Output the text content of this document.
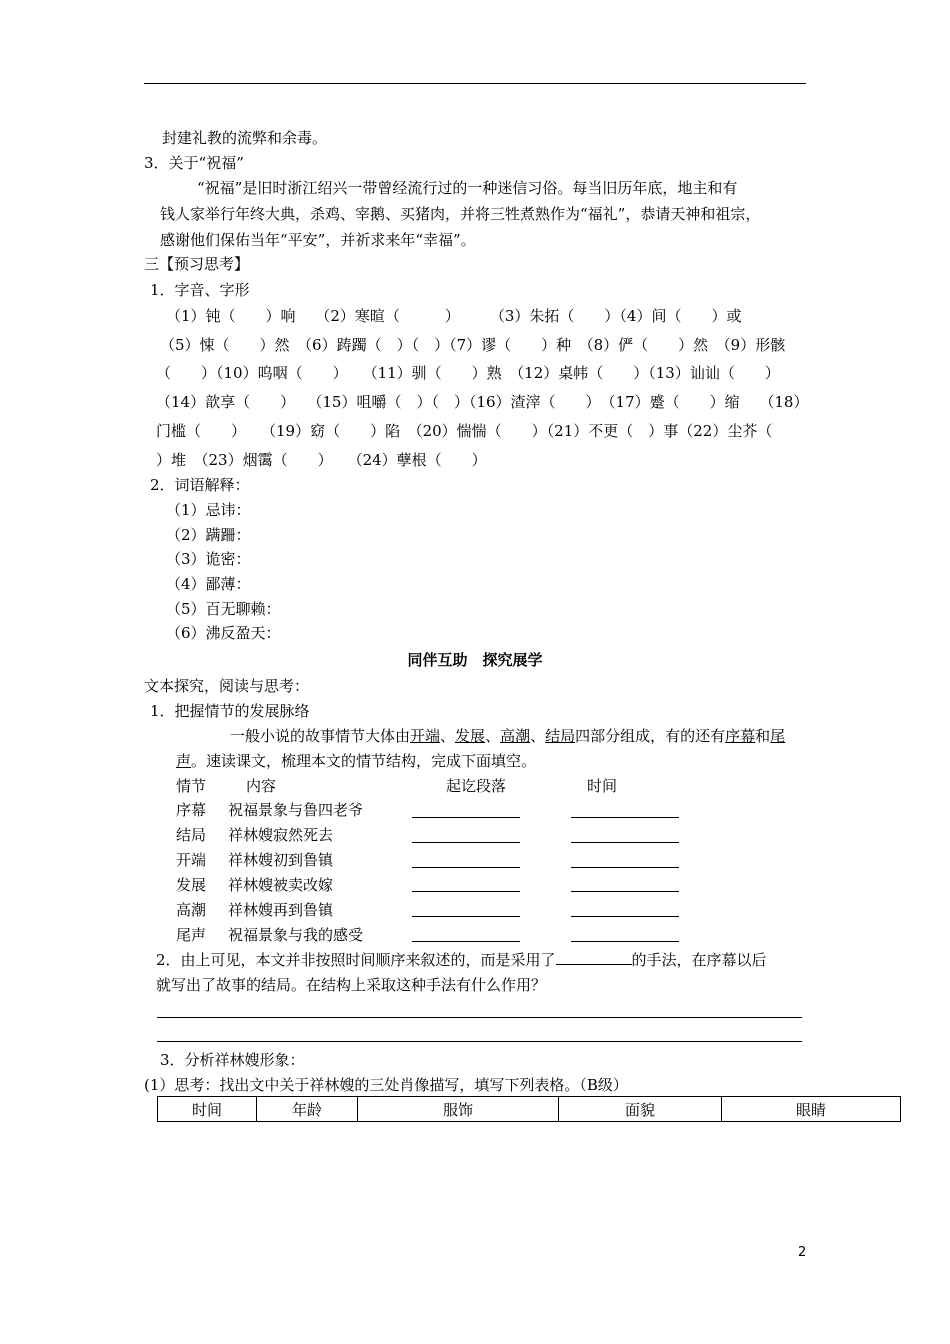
封建礼教的流弊和余毒。
3．关于“祝福”
“祝福”是旧时浙江绍兴一带曾经流行过的一种迷信习俗。每当旧历年底，地主和有
钱人家举行年终大典，杀鸡、宰鹅、买猪肉，并将三牲煮熟作为“福礼”，恭请天神和祖宗，
感谢他们保佑当年“平安”，并祈求来年“幸福”。
三【预习思考】
1．字音、字形
（1）钝（　　）响　 （2）寒暄（　　　）　　　（3）朱拓（　　）（4）间（　　）或
（5）悚（　　）然　（6）踌躅（　）（　）（7）谬（　　）种　（8）俨（　　）然　（9）形骸
（　　）（10）呜咽（　　）　　（11）驯（　　）熟　（12）桌帏（　　）（13）讪讪（　　）
（14）歆享（　　）　 （15）咀嚼（　）（　）（16）渣滓（　　）　（17）蹙（　　）缩　 （18）
门槛（　　）　　（19）窈（　　）陷　（20）惴惴（　　）（21）不更（　）事（22）尘芥（
）堆　（23）烟霭（　　）　　（24）孽根（　　）
2．词语解释：
（1）忌讳：
（2）蹒跚：
（3）诡密：
（4）鄙薄：
（5）百无聊赖：
（6）沸反盈天：
同伴互助　探究展学
文本探究，阅读与思考：
1．把握情节的发展脉络
一般小说的故事情节大体由开端、发展、高潮、结局四部分组成，有的还有序幕和尾
声。速读课文，梳理本文的情节结构，完成下面填空。
情节	内容	起讫段落	时间
序幕 祝福景象与鲁四老爷
结局 祥林嫂寂然死去
开端 祥林嫂初到鲁镇
发展 祥林嫂被卖改嫁
高潮 祥林嫂再到鲁镇
尾声 祝福景象与我的感受
2．由上可见，本文并非按照时间顺序来叙述的，而是采用了	的手法，在序幕以后
就写出了故事的结局。在结构上采取这种手法有什么作用？
3．分析祥林嫂形象：
(1）思考：找出文中关于祥林嫂的三处肖像描写，填写下列表格。（B级）
时间	年龄	服饰	面貌	眼睛
2
